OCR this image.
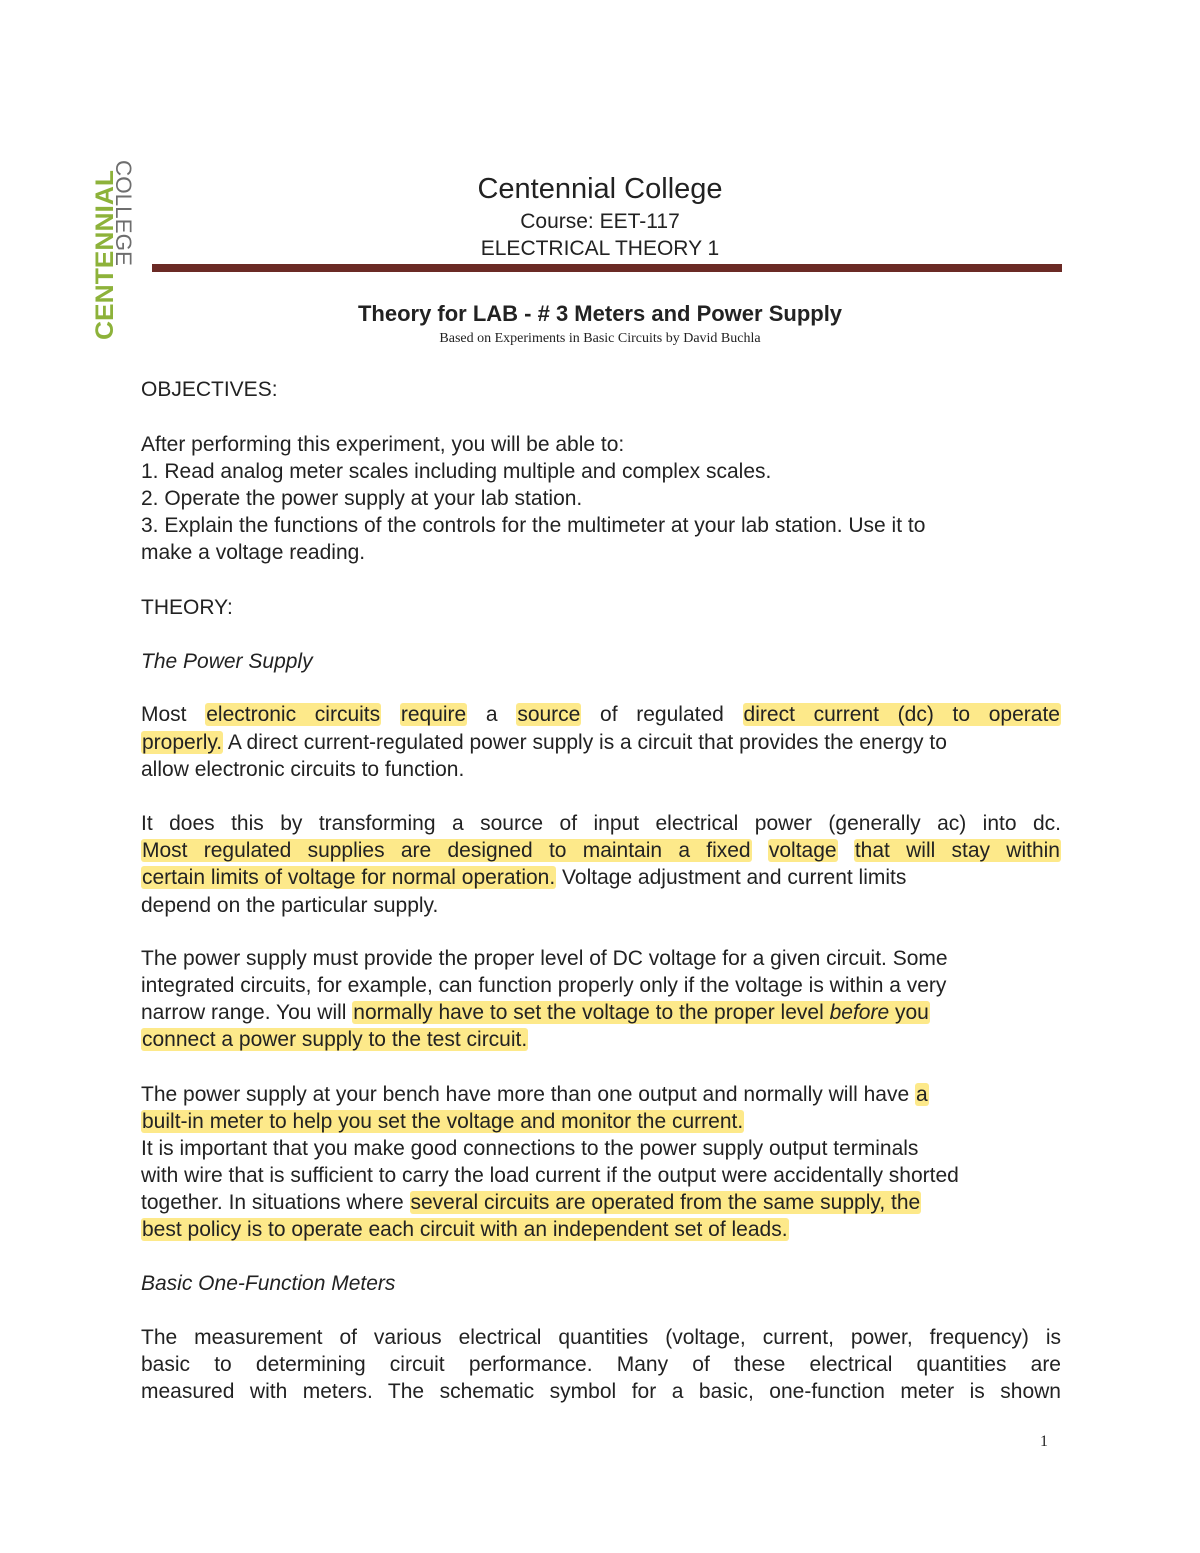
CENTENNIAL
COLLEGE	Centennial College
Course: EET-117
ELECTRICAL THEORY 1
Theory for LAB - # 3 Meters and Power Supply
Based on Experiments in Basic Circuits by David Buchla
OBJECTIVES:
After performing this experiment, you will be able to:
1. Read analog meter scales including multiple and complex scales.
2. Operate the power supply at your lab station.
3. Explain the functions of the controls for the multimeter at your lab station. Use it to
make a voltage reading.
THEORY:
The Power Supply
Most electronic circuits require a source of regulated direct current (dc) to operate
properly. A direct current-regulated power supply is a circuit that provides the energy to
allow electronic circuits to function.
It does this by transforming a source of input electrical power (generally ac) into dc.
Most regulated supplies are designed to maintain a fixed voltage that will stay within
certain limits of voltage for normal operation. Voltage adjustment and current limits
depend on the particular supply.
The power supply must provide the proper level of DC voltage for a given circuit. Some
integrated circuits, for example, can function properly only if the voltage is within a very
narrow range. You will normally have to set the voltage to the proper level before you
connect a power supply to the test circuit.
The power supply at your bench have more than one output and normally will have a
built-in meter to help you set the voltage and monitor the current.
It is important that you make good connections to the power supply output terminals
with wire that is sufficient to carry the load current if the output were accidentally shorted
together. In situations where several circuits are operated from the same supply, the
best policy is to operate each circuit with an independent set of leads.
Basic One-Function Meters
The measurement of various electrical quantities (voltage, current, power, frequency) is
basic to determining circuit performance. Many of these electrical quantities are
measured with meters. The schematic symbol for a basic, one-function meter is shown
1
